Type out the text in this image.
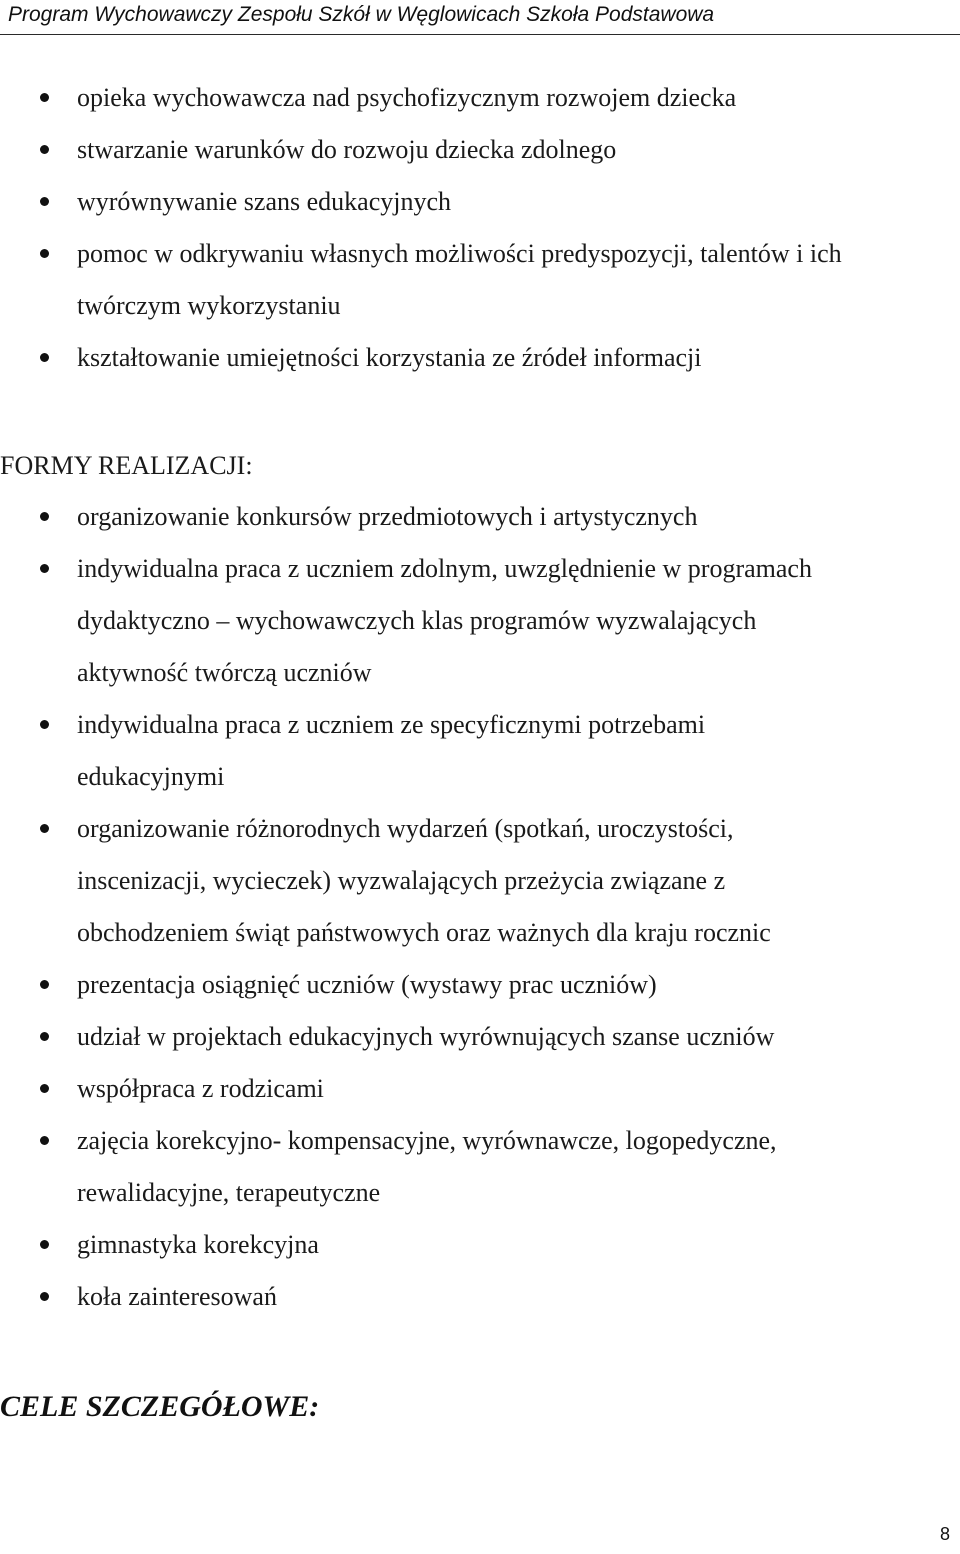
Program Wychowawczy Zespołu Szkół w Węglowicach Szkoła Podstawowa
opieka wychowawcza nad psychofizycznym rozwojem dziecka
stwarzanie warunków do rozwoju dziecka zdolnego
wyrównywanie szans edukacyjnych
pomoc w odkrywaniu własnych możliwości predyspozycji, talentów i ich
twórczym wykorzystaniu
kształtowanie umiejętności korzystania ze źródeł informacji
FORMY REALIZACJI:
organizowanie konkursów przedmiotowych i artystycznych
indywidualna praca z uczniem zdolnym, uwzględnienie w programach
dydaktyczno – wychowawczych klas programów wyzwalających
aktywność twórczą uczniów
indywidualna praca z uczniem ze specyficznymi potrzebami
edukacyjnymi
organizowanie różnorodnych wydarzeń (spotkań, uroczystości,
inscenizacji, wycieczek) wyzwalających przeżycia związane z
obchodzeniem świąt państwowych oraz ważnych dla kraju rocznic
prezentacja osiągnięć uczniów (wystawy prac uczniów)
udział w projektach edukacyjnych wyrównujących szanse uczniów
współpraca z rodzicami
zajęcia korekcyjno- kompensacyjne, wyrównawcze, logopedyczne,
rewalidacyjne, terapeutyczne
gimnastyka korekcyjna
koła zainteresowań
CELE SZCZEGÓŁOWE:
8
